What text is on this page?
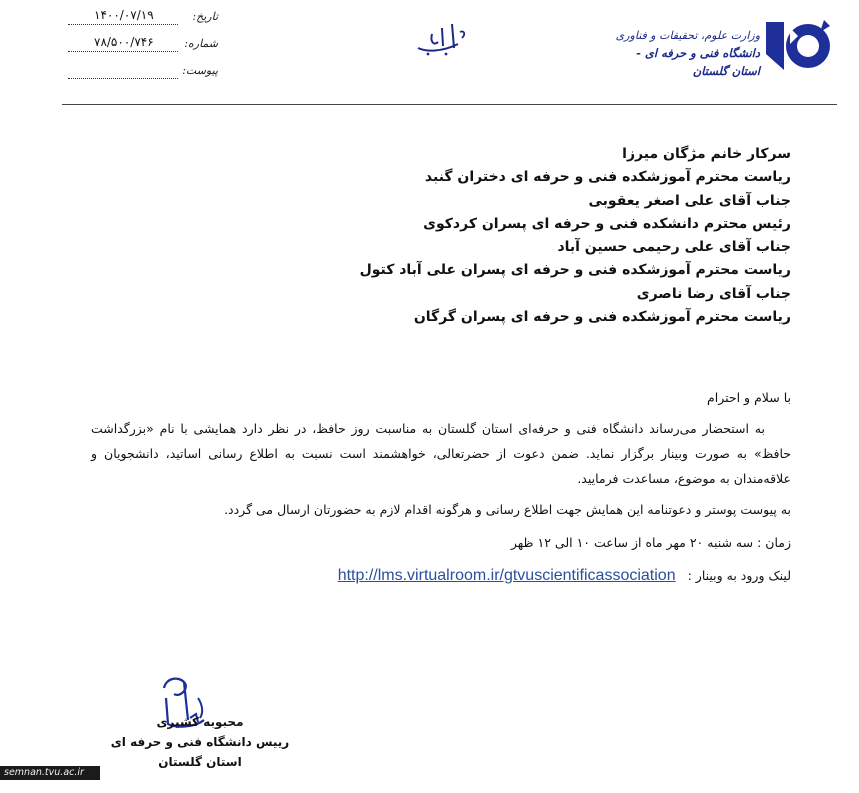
۱۴۰۰/۰۷/۱۹	تاریخ:
۷۸/۵۰۰/۷۴۶	شماره:
پیوست:
وزارت علوم، تحقیقات و فناوری
دانشگاه فنی و حرفه ای - استان گلستان
سرکار خانم مژگان میرزا
ریاست محترم آموزشکده فنی و حرفه ای دختران گنبد
جناب آقای علی اصغر یعقوبی
رئیس محترم دانشکده فنی و حرفه ای پسران کردکوی
جناب آقای علی رحیمی حسین آباد
ریاست محترم آموزشکده فنی و حرفه ای پسران علی آباد کتول
جناب آقای رضا ناصری
ریاست محترم آموزشکده فنی و حرفه ای پسران گرگان
با سلام و احترام
به استحضار می‌رساند دانشگاه فنی و حرفه‌ای استان گلستان به مناسبت روز حافظ، در نظر دارد همایشی با نام «بزرگداشت حافظ» به صورت وبینار برگزار نماید. ضمن دعوت از حضرتعالی، خواهشمند است نسبت به اطلاع رسانی اساتید، دانشجویان و علاقه‌مندان به موضوع، مساعدت فرمایید.
به پیوست پوستر و دعوتنامه این همایش جهت اطلاع رسانی و هرگونه اقدام لازم به حضورتان ارسال می گردد.
زمان : سه شنبه ۲۰ مهر ماه از ساعت ۱۰ الی ۱۲ ظهر
لینک ورود به وبینار : http://lms.virtualroom.ir/gtvuscientificassociation
محبوبه کشیری
رییس دانشگاه فنی و حرفه ای
استان گلستان
semnan.tvu.ac.ir
